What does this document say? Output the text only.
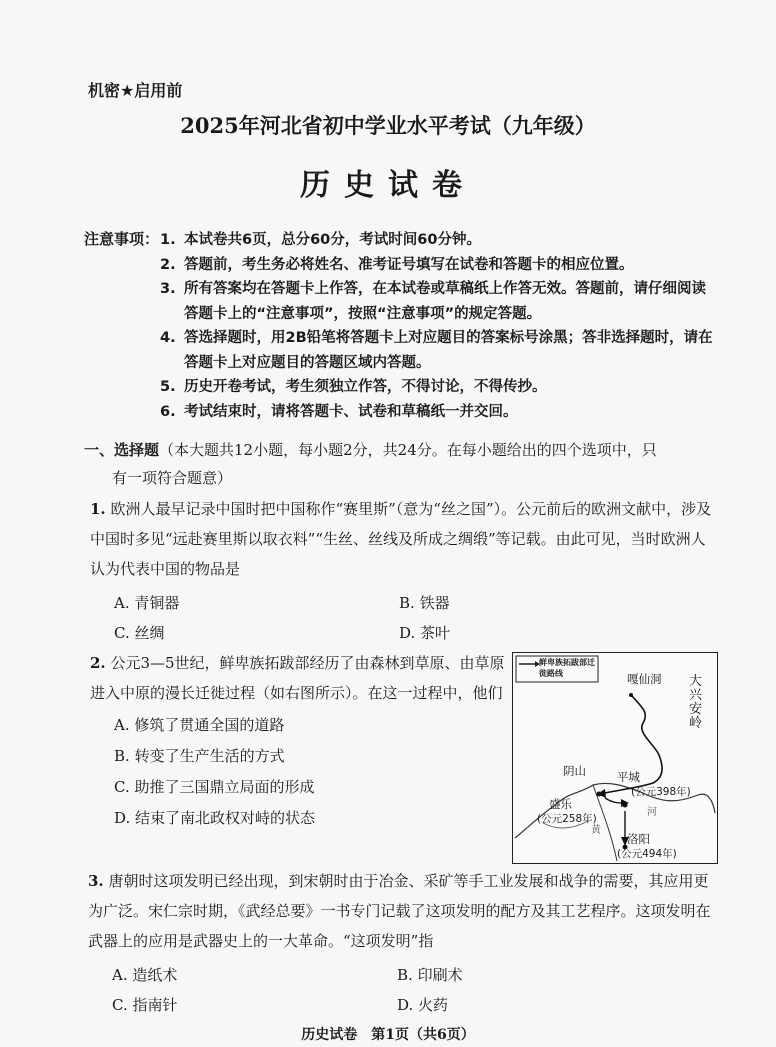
机密★启用前
2025年河北省初中学业水平考试（九年级）
历史试卷
注意事项： 1. 本试卷共6页，总分60分，考试时间60分钟。
2. 答题前，考生务必将姓名、准考证号填写在试卷和答题卡的相应位置。
3. 所有答案均在答题卡上作答，在本试卷或草稿纸上作答无效。答题前，请仔细阅读答题卡上的“注意事项”，按照“注意事项”的规定答题。
4. 答选择题时，用2B铅笔将答题卡上对应题目的答案标号涂黑；答非选择题时，请在答题卡上对应题目的答题区域内答题。
5. 历史开卷考试，考生须独立作答，不得讨论，不得传抄。
6. 考试结束时，请将答题卡、试卷和草稿纸一并交回。
一、选择题（本大题共12小题，每小题2分，共24分。在每小题给出的四个选项中，只
有一项符合题意）
1. 欧洲人最早记录中国时把中国称作“赛里斯”（意为“丝之国”）。公元前后的欧洲文献中，涉及中国时多见“远赴赛里斯以取衣料”“生丝、丝线及所成之绸缎”等记载。由此可见，当时欧洲人认为代表中国的物品是
A. 青铜器	B. 铁器
C. 丝绸	D. 茶叶
2. 公元3—5世纪，鲜卑族拓跋部经历了由森林到草原、由草原进入中原的漫长迁徙过程（如右图所示）。在这一过程中，他们
A. 修筑了贯通全国的道路
B. 转变了生产生活的方式
C. 助推了三国鼎立局面的形成
D. 结束了南北政权对峙的状态
鲜卑族拓跋部迁徙路线	嘎仙洞 大兴安岭
阴山
盛乐
(公元258年)
平城
(公元398年)
洛阳
(公元494年)
河
黄
3. 唐朝时这项发明已经出现，到宋朝时由于冶金、采矿等手工业发展和战争的需要，其应用更为广泛。宋仁宗时期，《武经总要》一书专门记载了这项发明的配方及其工艺程序。这项发明在武器上的应用是武器史上的一大革命。“这项发明”指
A. 造纸术	B. 印刷术
C. 指南针	D. 火药
历史试卷　第1页（共6页）
